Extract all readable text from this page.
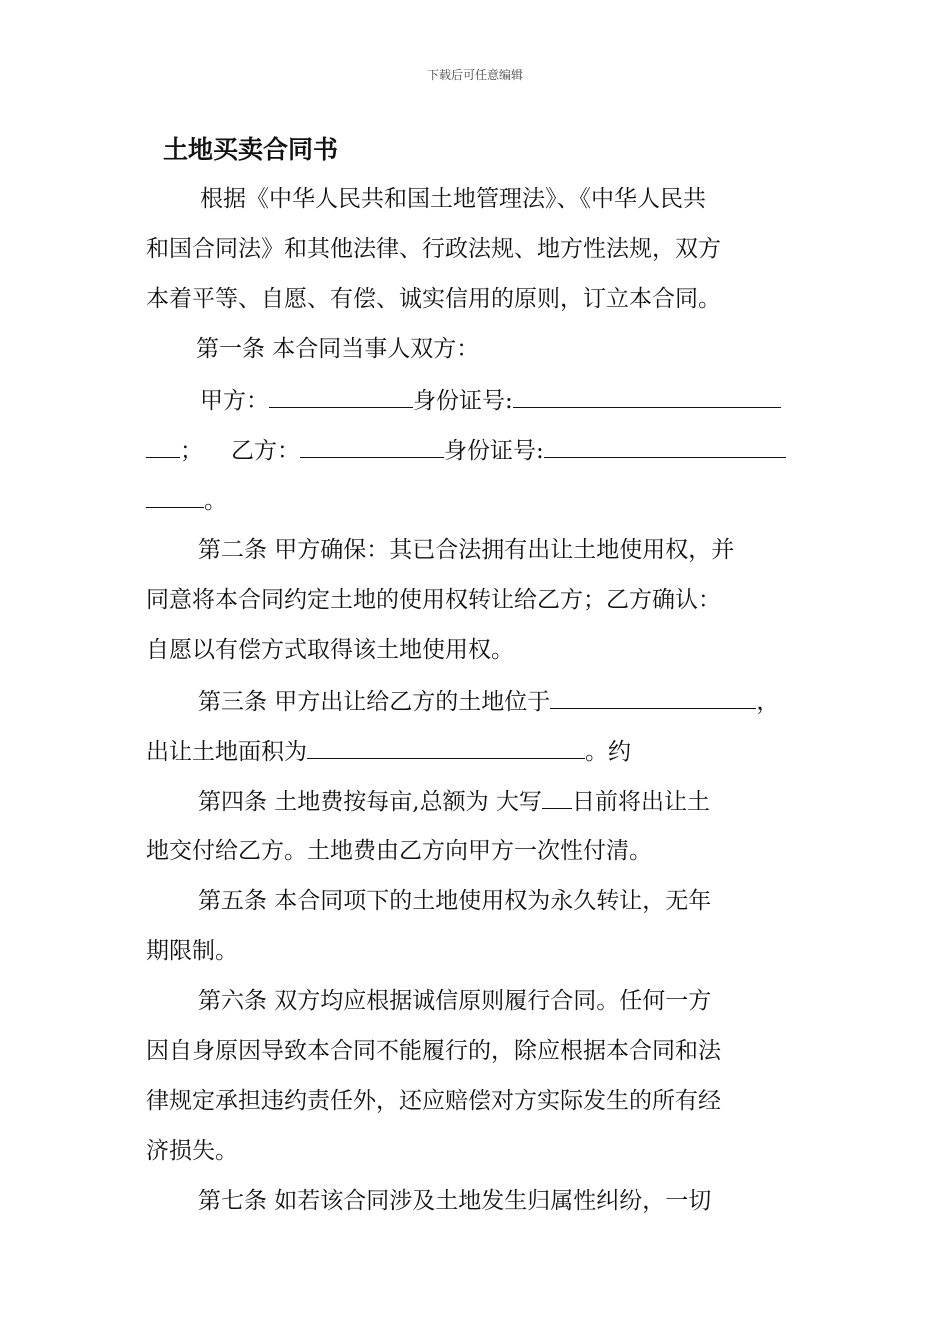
下载后可任意编辑
土地买卖合同书
根据《中华人民共和国土地管理法》、《中华人民共
和国合同法》和其他法律、行政法规、地方性法规，双方
本着平等、自愿、有偿、诚实信用的原则，订立本合同。
第一条 本合同当事人双方：
甲方：	身份证号:
； 乙方：	身份证号:
。
第二条 甲方确保：其已合法拥有出让土地使用权，并
同意将本合同约定土地的使用权转让给乙方；乙方确认：
自愿以有偿方式取得该土地使用权。
第三条 甲方出让给乙方的土地位于	，
出让土地面积为	。约
第四条 土地费按每亩,总额为 大写 日前将出让土
地交付给乙方。土地费由乙方向甲方一次性付清。
第五条 本合同项下的土地使用权为永久转让，无年
期限制。
第六条 双方均应根据诚信原则履行合同。任何一方
因自身原因导致本合同不能履行的，除应根据本合同和法
律规定承担违约责任外，还应赔偿对方实际发生的所有经
济损失。
第七条 如若该合同涉及土地发生归属性纠纷，一切
